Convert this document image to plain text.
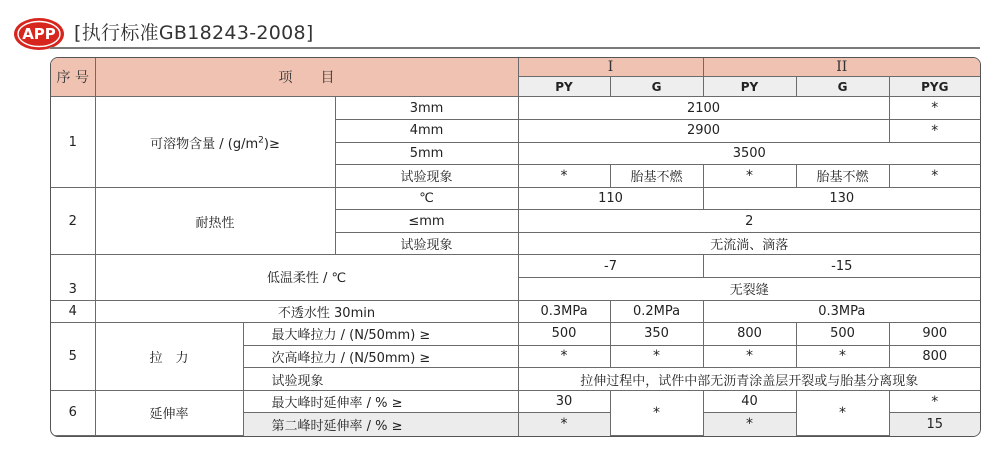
APP [执行标准GB18243-2008]
序 号	项　　目			I		II		
				PY	G	PY	G	PYG
1	可溶物含量 / $(g/m^2)\ge$		3mm	2100				*
			4mm	2900				*
			5mm	3500				
			试验现象	*	胎基不燃	*	胎基不燃	*
2	耐热性		℃	110		130		
			≤mm	2				
			试验现象	无流淌、滴落				
3	低温柔性 / ℃			-7		-15		
				无裂缝				
4	不透水性 30min			0.3MPa	0.2MPa	0.3MPa		
5	拉　力	最大峰拉力 / (N/50mm) ≥		500	350	800	500	900
		次高峰拉力 / (N/50mm) ≥		*	*	*	*	800
		试验现象		拉伸过程中，试件中部无沥青涂盖层开裂或与胎基分离现象				
6	延伸率	最大峰时延伸率 / % ≥		30	*	40	*	*
		第二峰时延伸率 / % ≥		*		*		15
